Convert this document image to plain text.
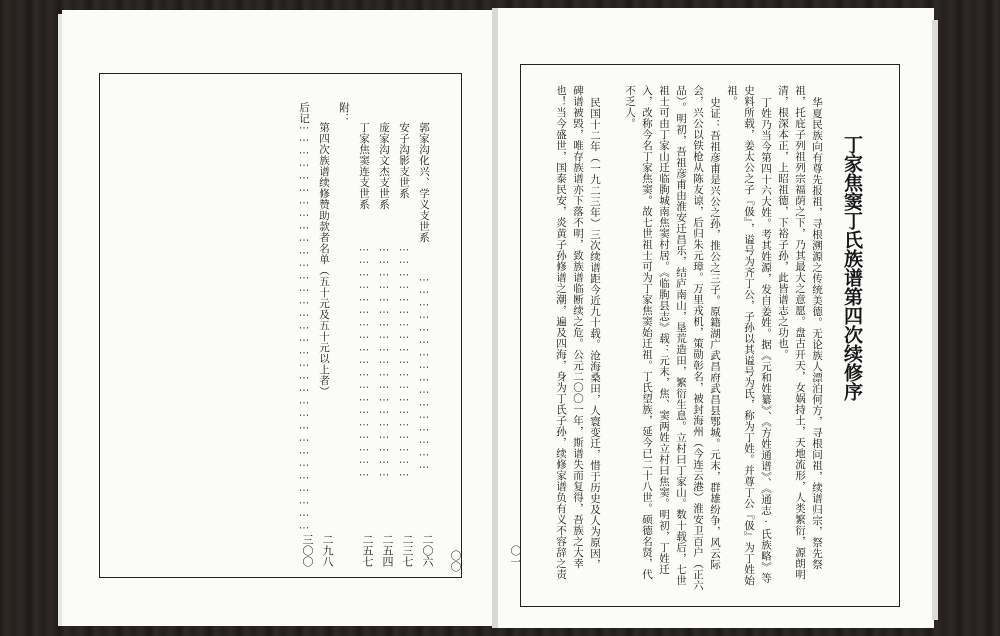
郭家沟化兴、学义支世系
⋯⋯⋯⋯⋯⋯⋯⋯⋯⋯⋯⋯⋯⋯⋯⋯
二〇六
安子沟影支世系
⋯⋯⋯⋯⋯⋯⋯⋯⋯⋯⋯⋯⋯⋯⋯⋯⋯⋯⋯
二三七
庞家沟文杰支世系
⋯⋯⋯⋯⋯⋯⋯⋯⋯⋯⋯⋯⋯⋯⋯⋯⋯⋯⋯
二五四
丁家焦窦连支世系
⋯⋯⋯⋯⋯⋯⋯⋯⋯⋯⋯⋯⋯⋯⋯⋯⋯⋯⋯
二五七
附：
第四次族谱续修赞助款者名单（五十元及五十元以上者）
⋯⋯⋯⋯⋯⋯⋯⋯⋯⋯⋯⋯⋯⋯⋯⋯⋯⋯⋯⋯⋯⋯⋯⋯⋯⋯⋯⋯⋯⋯⋯⋯⋯
二九八
后记
三〇〇	〇〇
丁家焦窦丁氏族谱第四次续修序
华夏民族向有尊先报祖，寻根溯源之传统美德。无论族人漂泊何方，寻根问祖，续谱归宗，祭先祭
祖，托庇子列祖列宗福荫之下，乃其最大之意愿。盘古开天，女娲持土，天地流形，人类繁衍，源朗明
清，根深本正，上昭祖德，下裕子孙，此皆谱志之功也。
丁姓乃当今第四十六大姓。考其姓源，发自姜姓。据《元和姓纂》、《方姓通谱》、《通志·氏族略》等
史料所载，姜太公之子『伋』，谥号为齐丁公，子孙以其谥号为氏，称为丁姓。并尊丁公『伋』为丁姓始
祖。
史证：吾祖彦甫是兴公之孙，推公之三子。原籍湖广武昌府武昌县鄂城。元末，群雄纷争，风云际
会，兴公以铁枪从陈友谅，后归朱元璋。万里戎机，策勋彰名，被封海州（今连云港）淮安卫百户（正六
品）。明初，吾祖彦甫由淮安迁昌乐，结庐南山，垦荒造田，繁衍生息。立村曰丁家山。数十载后，七世
祖士可由丁家山迁临朐城南焦窦村居。《临朐县志》载：元末，焦、窦两姓立村曰焦窦。明初，丁姓迁
入，改称今名丁家焦窦。故七世祖士可为丁家焦窦始迁祖。丁氏望族，延今已二十八世。硕德名贤，代
不乏人。
民国十二年（一九二三年）三次续谱距今近九十载。沧海桑田，人寰变迁，惜于历史及人为原因，
碑谱被毁，唯存族谱亦下落不明，致族谱临断续之危。公元二〇〇一年，斯谱失而复得，吾族之大幸
也！当今盛世，国泰民安，炎黄子孙修谱之潮，遍及四海，身为丁氏子孙，续修家谱负有义不容辞之责
〇一
